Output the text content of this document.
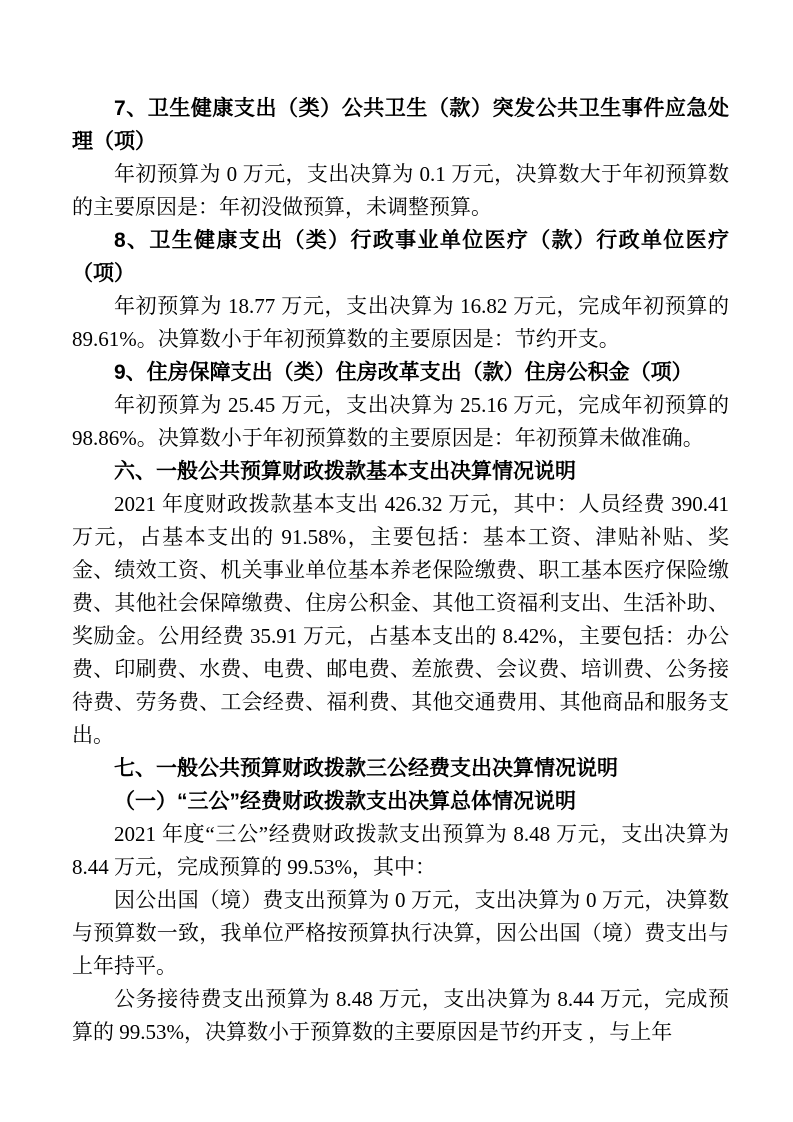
7、卫生健康支出（类）公共卫生（款）突发公共卫生事件应急处理（项）

年初预算为 0 万元，支出决算为 0.1 万元，决算数大于年初预算数的主要原因是：年初没做预算，未调整预算。

8、卫生健康支出（类）行政事业单位医疗（款）行政单位医疗（项）

年初预算为 18.77 万元，支出决算为 16.82 万元，完成年初预算的 89.61%。决算数小于年初预算数的主要原因是：节约开支。

9、住房保障支出（类）住房改革支出（款）住房公积金（项）

年初预算为 25.45 万元，支出决算为 25.16 万元，完成年初预算的 98.86%。决算数小于年初预算数的主要原因是：年初预算未做准确。

六、一般公共预算财政拨款基本支出决算情况说明

2021 年度财政拨款基本支出 426.32 万元，其中：人员经费 390.41 万元，占基本支出的 91.58%，主要包括：基本工资、津贴补贴、奖金、绩效工资、机关事业单位基本养老保险缴费、职工基本医疗保险缴费、其他社会保障缴费、住房公积金、其他工资福利支出、生活补助、奖励金。公用经费 35.91 万元，占基本支出的 8.42%，主要包括：办公费、印刷费、水费、电费、邮电费、差旅费、会议费、培训费、公务接待费、劳务费、工会经费、福利费、其他交通费用、其他商品和服务支出。

七、一般公共预算财政拨款三公经费支出决算情况说明

（一）“三公”经费财政拨款支出决算总体情况说明

2021 年度“三公”经费财政拨款支出预算为 8.48 万元，支出决算为 8.44 万元，完成预算的 99.53%，其中：

因公出国（境）费支出预算为 0 万元，支出决算为 0 万元，决算数与预算数一致，我单位严格按预算执行决算，因公出国（境）费支出与上年持平。

公务接待费支出预算为 8.48 万元，支出决算为 8.44 万元，完成预算的 99.53%，决算数小于预算数的主要原因是节约开支 ，与上年
